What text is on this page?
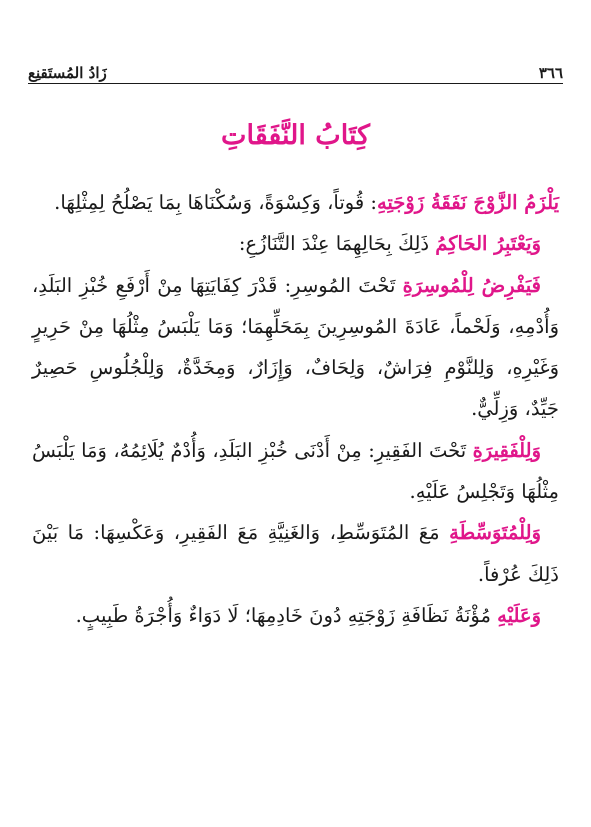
٣٦٦
زَادُ المُستَقنِع
كِتَابُ النَّفَقَاتِ

يَلْزَمُ الزَّوْجَ نَفَقَةُ زَوْجَتِهِ: قُوتاً، وَكِسْوَةً، وَسُكْنَاهَا بِمَا يَصْلُحُ لِمِثْلِهَا.

وَيَعْتَبِرُ الحَاكِمُ ذَلِكَ بِحَالِهِمَا عِنْدَ التَّنَازُعِ:

فَيَفْرِضُ لِلْمُوسِرَةِ تَحْتَ المُوسِرِ: قَدْرَ كِفَايَتِهَا مِنْ أَرْفَعِ خُبْزِ البَلَدِ، وَأُدْمِهِ، وَلَحْماً، عَادَةَ المُوسِرِينَ بِمَحَلِّهِمَا؛ وَمَا يَلْبَسُ مِثْلُهَا مِنْ حَرِيرٍ وَغَيْرِهِ، وَلِلنَّوْمِ فِرَاشٌ، وَلِحَافٌ، وَإِزَارٌ، وَمِخَدَّةٌ، وَلِلْجُلُوسِ حَصِيرٌ جَيِّدٌ، وَزِلِّيٌّ.

وَلِلْفَقِيرَةِ تَحْتَ الفَقِيرِ: مِنْ أَدْنَى خُبْزِ البَلَدِ، وَأُدْمٌ يُلَائِمُهُ، وَمَا يَلْبَسُ مِثْلُهَا وَتَجْلِسُ عَلَيْهِ.

وَلِلْمُتَوَسِّطَةِ مَعَ المُتَوَسِّطِ، وَالغَنِيَّةِ مَعَ الفَقِيرِ، وَعَكْسِهَا: مَا بَيْنَ ذَلِكَ عُرْفاً.

وَعَلَيْهِ مُؤْنَةُ نَظَافَةِ زَوْجَتِهِ دُونَ خَادِمِهَا؛ لَا دَوَاءٌ وَأُجْرَةُ طَبِيبٍ.
